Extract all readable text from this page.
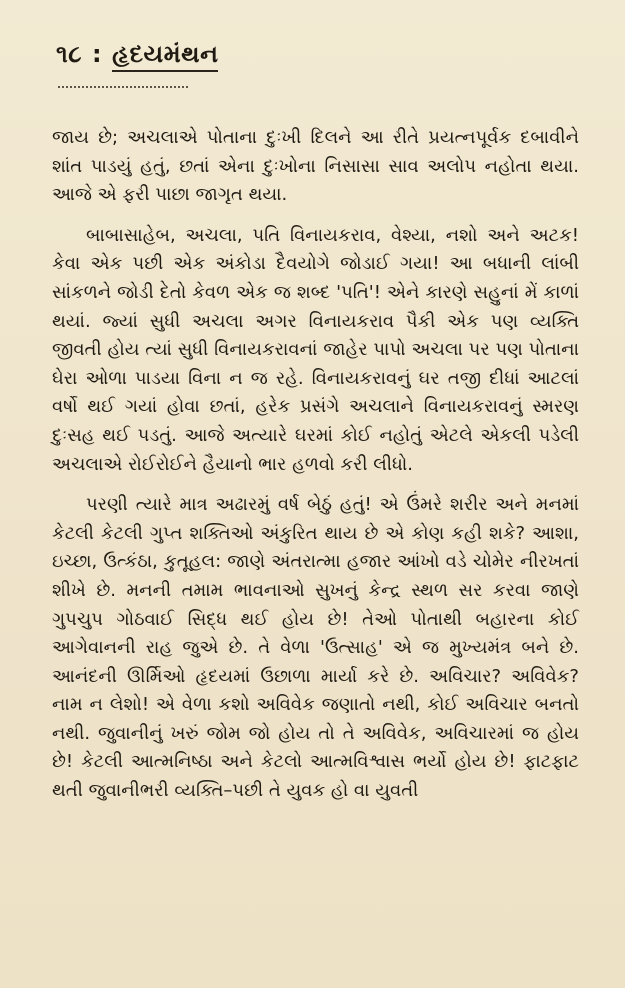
૧૮ : હૃદયમંથન

જાય છે; અચલાએ પોતાના દુઃખી દિલને આ રીતે પ્રયત્નપૂર્વક દબાવીને શાંત પાડયું હતું, છતાં એના દુઃખોના નિસાસા સાવ અલોપ નહોતા થયા. આજે એ ફરી પાછા જાગૃત થયા.

બાબાસાહેબ, અચલા, પતિ વિનાયકરાવ, વેશ્યા, નશો અને અટક! કેવા એક પછી એક અંકોડા દૈવયોગે જોડાઈ ગયા! આ બધાની લાંબી સાંકળને જોડી દેતો કેવળ એક જ શબ્દ 'પતિ'! એને કારણે સહુનાં મેં કાળાં થયાં. જ્યાં સુધી અચલા અગર વિનાયકરાવ પૈકી એક પણ વ્યક્તિ જીવતી હોય ત્યાં સુધી વિનાયકરાવનાં જાહેર પાપો અચલા પર પણ પોતાના ઘેરા ઓળા પાડયા વિના ન જ રહે. વિનાયકરાવનું ઘર તજી દીધાં આટલાં વર્ષો થઈ ગયાં હોવા છતાં, હરેક પ્રસંગે અચલાને વિનાયકરાવનું સ્મરણ દુઃસહ થઈ પડતું. આજે અત્યારે ઘરમાં કોઈ નહોતું એટલે એકલી પડેલી અચલાએ રોઈરોઈને હૈયાનો ભાર હળવો કરી લીધો.

પરણી ત્યારે માત્ર અઢારમું વર્ષ બેઠું હતું! એ ઉંમરે શરીર અને મનમાં કેટલી કેટલી ગુપ્ત શક્તિઓ અંકુરિત થાય છે એ કોણ કહી શકે? આશા, ઇચ્છા, ઉત્કંઠા, કુતૂહલ: જાણે અંતરાત્મા હજાર આંખો વડે ચોમેર નીરખતાં શીખે છે. મનની તમામ ભાવનાઓ સુખનું કેન્દ્ર સ્થળ સર કરવા જાણે ગુપચુપ ગોઠવાઈ સિદ્ધ થઈ હોય છે! તેઓ પોતાથી બહારના કોઈ આગેવાનની રાહ જુએ છે. તે વેળા 'ઉત્સાહ' એ જ મુખ્યમંત્ર બને છે. આનંદની ઊર્મિઓ હૃદયમાં ઉછાળા માર્યા કરે છે. અવિચાર? અવિવેક? નામ ન લેશો! એ વેળા કશો અવિવેક જણાતો નથી, કોઈ અવિચાર બનતો નથી. જુવાનીનું ખરું જોમ જો હોય તો તે અવિવેક, અવિચારમાં જ હોય છે! કેટલી આત્મનિષ્ઠા અને કેટલો આત્મવિશ્વાસ ભર્યો હોય છે! ફાટફાટ થતી જુવાનીભરી વ્યક્તિ–પછી તે યુવક હો વા યુવતી
